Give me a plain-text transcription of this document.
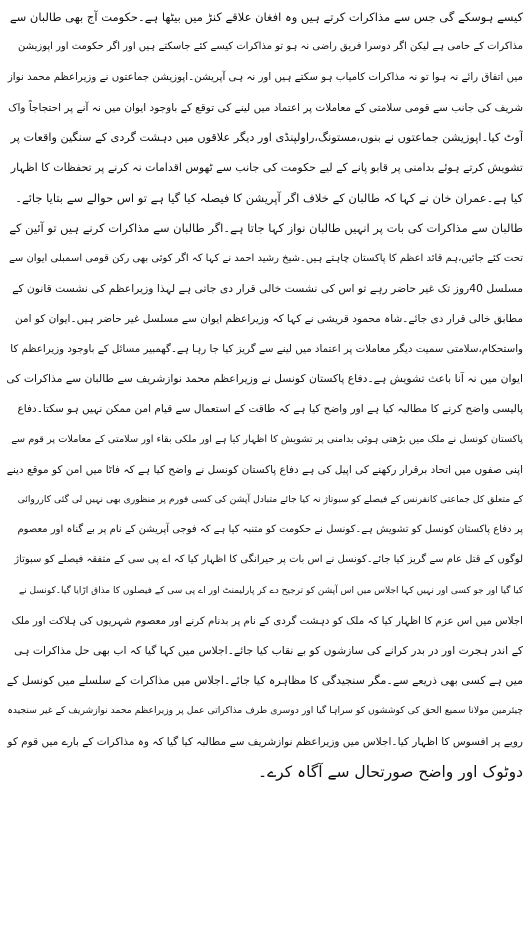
کیسے ہوسکے گی جس سے مذاکرات کرتے ہیں وہ افغان علاقے کنڑ میں بیٹھا ہے۔حکومت آج بھی طالبان سے
مذاکرات کے حامی ہے لیکن اگر دوسرا فریق راضی نہ ہو تو مذاکرات کیسے کئے جاسکتے ہیں اور اگر حکومت اور اپوزیشن
میں اتفاق رائے نہ ہوا تو نہ مذاکرات کامیاب ہو سکتے ہیں اور نہ ہی آپریشن۔اپوزیشن جماعتوں نے وزیراعظم محمد نواز
شریف کی جانب سے قومی سلامتی کے معاملات پر اعتماد میں لینے کی توقع کے باوجود ایوان میں نہ آنے پر احتجاجاً واک
آوٹ کیا۔اپوزیشن جماعتوں نے بنوں،مستونگ،راولپنڈی اور دیگر علاقوں میں دہشت گردی کے سنگین واقعات پر
تشویش کرتے ہوئے بدامنی پر قابو پانے کے لیے حکومت کی جانب سے ٹھوس اقدامات نہ کرنے پر تحفظات کا اظہار
کیا ہے۔عمران خان نے کہا کہ طالبان کے خلاف اگر آپریشن کا فیصلہ کیا گیا ہے تو اس حوالے سے بتایا جائے۔
طالبان سے مذاکرات کی بات پر انہیں طالبان نواز کہا جاتا ہے۔اگر طالبان سے مذاکرات کرنے ہیں تو آئین کے
تحت کئے جائیں،ہم قائد اعظم کا پاکستان چاہتے ہیں۔شیخ رشید احمد نے کہا کہ اگر کوئی بھی رکن قومی اسمبلی ایوان سے
مسلسل 40روز تک غیر حاضر رہے تو اس کی نشست خالی قرار دی جاتی ہے لہذا وزیراعظم کی نشست قانون کے
مطابق خالی قرار دی جائے۔شاہ محمود قریشی نے کہا کہ وزیراعظم ایوان سے مسلسل غیر حاضر ہیں۔ایوان کو امن
واستحکام،سلامتی سمیت دیگر معاملات پر اعتماد میں لینے سے گریز کیا جا رہا ہے۔گھمبیر مسائل کے باوجود وزیراعظم کا
ایوان میں نہ آنا باعث تشویش ہے۔دفاع پاکستان کونسل نے وزیراعظم محمد نوازشریف سے طالبان سے مذاکرات کی
پالیسی واضح کرنے کا مطالبہ کیا ہے اور واضح کیا ہے کہ طاقت کے استعمال سے قیام امن ممکن نہیں ہو سکتا۔دفاع
پاکستان کونسل نے ملک میں بڑھتی ہوئی بدامنی پر تشویش کا اظہار کیا ہے اور ملکی بقاء اور سلامتی کے معاملات پر قوم سے
اپنی صفوں میں اتحاد برقرار رکھنے کی اپیل کی ہے دفاع پاکستان کونسل نے واضح کیا ہے کہ فاٹا میں امن کو موقع دینے
کے متعلق کل جماعتی کانفرنس کے فیصلے کو سبوتاژ نہ کیا جائے متبادل آپشن کی کسی فورم پر منظوری بھی نہیں لی گئی کارروائی
پر دفاع پاکستان کونسل کو تشویش ہے۔کونسل نے حکومت کو متنبہ کیا ہے کہ فوجی آپریشن کے نام پر بے گناہ اور معصوم
لوگوں کے قتل عام سے گریز کیا جائے۔کونسل نے اس بات پر حیرانگی کا اظہار کیا کہ اے پی سی کے متفقہ فیصلے کو سبوتاژ
کیا گیا اور جو کسی اور نہیں کہا اجلاس میں اس آپشن کو ترجیح دے کر پارلیمنٹ اور اے پی سی کے فیصلوں کا مذاق اڑایا گیا۔کونسل نے
اجلاس میں اس عزم کا اظہار کیا کہ ملک کو دہشت گردی کے نام پر بدنام کرنے اور معصوم شہریوں کی ہلاکت اور ملک
کے اندر ہجرت اور در بدر کرانے کی سازشوں کو بے نقاب کیا جائے۔اجلاس میں کہا گیا کہ اب بھی حل مذاکرات ہی
میں ہے کسی بھی ذریعے سے۔مگر سنجیدگی کا مظاہرہ کیا جائے۔اجلاس میں مذاکرات کے سلسلے میں کونسل کے
چیئرمین مولانا سمیع الحق کی کوششوں کو سراہا گیا اور دوسری طرف مذاکراتی عمل پر وزیراعظم محمد نوازشریف کے غیر سنجیدہ
رویے پر افسوس کا اظہار کیا۔اجلاس میں وزیراعظم نوازشریف سے مطالبہ کیا گیا کہ وہ مذاکرات کے بارے میں قوم کو
دوٹوک اور واضح صورتحال سے آگاہ کرے۔
